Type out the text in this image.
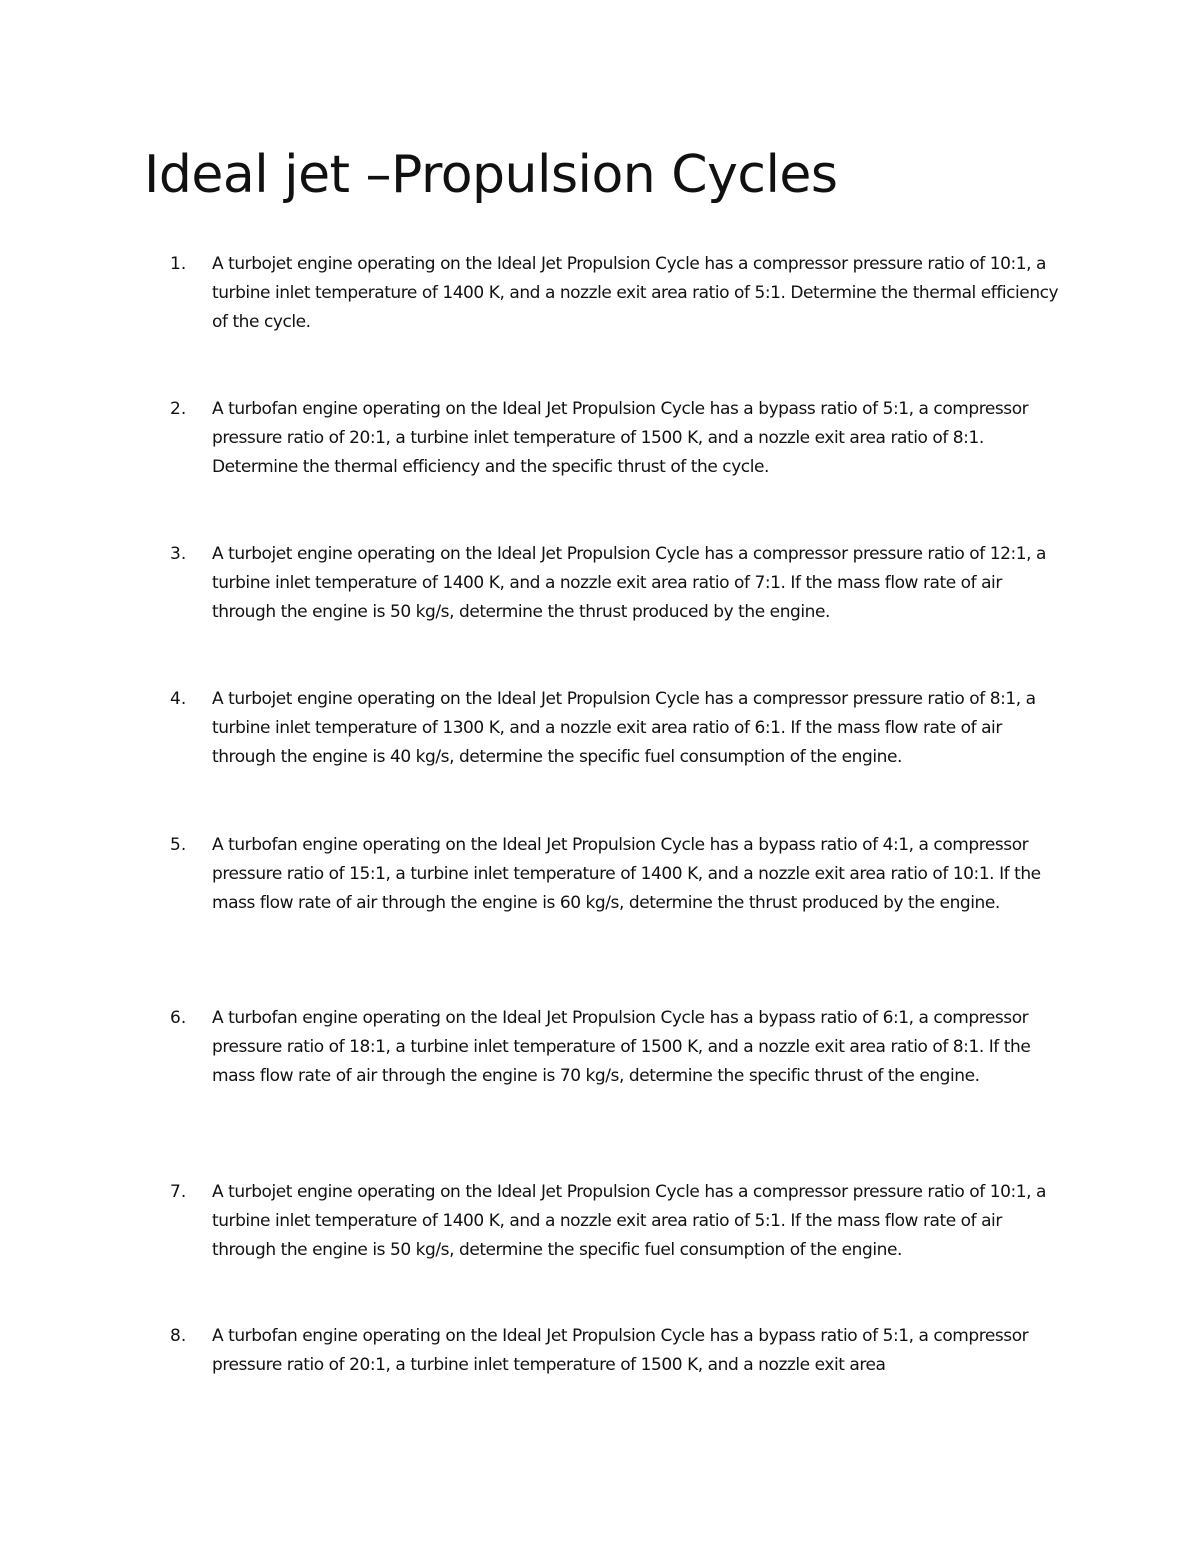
Ideal jet –Propulsion Cycles
1.	A turbojet engine operating on the Ideal Jet Propulsion Cycle has a compressor pressure ratio of 10:1, a turbine inlet temperature of 1400 K, and a nozzle exit area ratio of 5:1. Determine the thermal efficiency of the cycle.
2.	A turbofan engine operating on the Ideal Jet Propulsion Cycle has a bypass ratio of 5:1, a compressor pressure ratio of 20:1, a turbine inlet temperature of 1500 K, and a nozzle exit area ratio of 8:1. Determine the thermal efficiency and the specific thrust of the cycle.
3.	A turbojet engine operating on the Ideal Jet Propulsion Cycle has a compressor pressure ratio of 12:1, a turbine inlet temperature of 1400 K, and a nozzle exit area ratio of 7:1. If the mass flow rate of air through the engine is 50 kg/s, determine the thrust produced by the engine.
4.	A turbojet engine operating on the Ideal Jet Propulsion Cycle has a compressor pressure ratio of 8:1, a turbine inlet temperature of 1300 K, and a nozzle exit area ratio of 6:1. If the mass flow rate of air through the engine is 40 kg/s, determine the specific fuel consumption of the engine.
5.	A turbofan engine operating on the Ideal Jet Propulsion Cycle has a bypass ratio of 4:1, a compressor pressure ratio of 15:1, a turbine inlet temperature of 1400 K, and a nozzle exit area ratio of 10:1. If the mass flow rate of air through the engine is 60 kg/s, determine the thrust produced by the engine.
6.	A turbofan engine operating on the Ideal Jet Propulsion Cycle has a bypass ratio of 6:1, a compressor pressure ratio of 18:1, a turbine inlet temperature of 1500 K, and a nozzle exit area ratio of 8:1. If the mass flow rate of air through the engine is 70 kg/s, determine the specific thrust of the engine.
7.	A turbojet engine operating on the Ideal Jet Propulsion Cycle has a compressor pressure ratio of 10:1, a turbine inlet temperature of 1400 K, and a nozzle exit area ratio of 5:1. If the mass flow rate of air through the engine is 50 kg/s, determine the specific fuel consumption of the engine.
8.	A turbofan engine operating on the Ideal Jet Propulsion Cycle has a bypass ratio of 5:1, a compressor pressure ratio of 20:1, a turbine inlet temperature of 1500 K, and a nozzle exit area
